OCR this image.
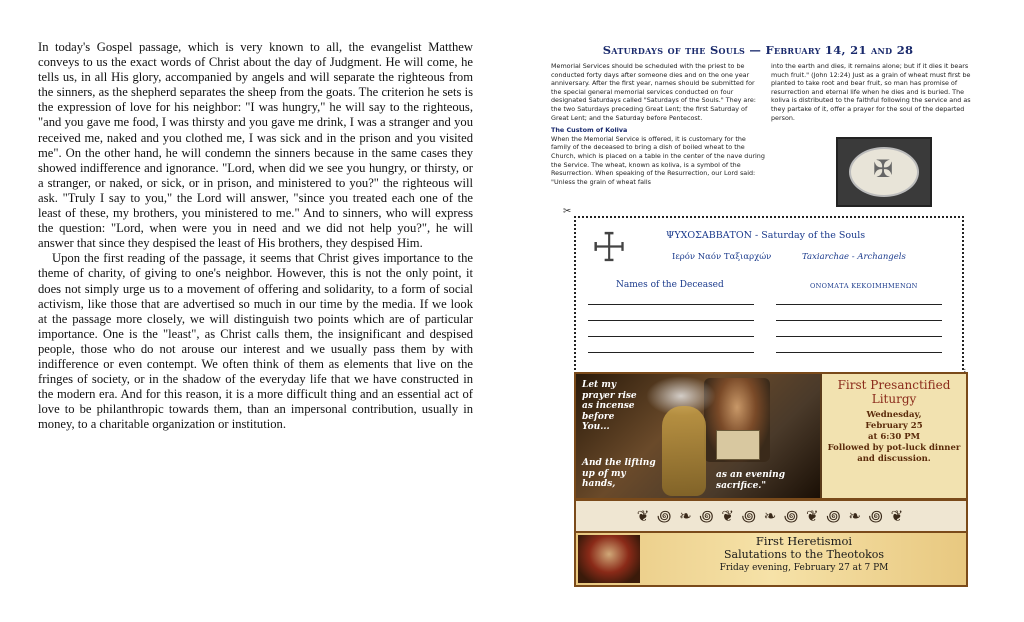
In today's Gospel passage, which is very known to all, the evangelist Matthew conveys to us the exact words of Christ about the day of Judgment. He will come, he tells us, in all His glory, accompanied by angels and will separate the righteous from the sinners, as the shepherd separates the sheep from the goats. The criterion he sets is the expression of love for his neighbor: "I was hungry," he will say to the righteous, "and you gave me food, I was thirsty and you gave me drink, I was a stranger and you received me, naked and you clothed me, I was sick and in the prison and you visited me". On the other hand, he will condemn the sinners because in the same cases they showed indifference and ignorance. "Lord, when did we see you hungry, or thirsty, or a stranger, or naked, or sick, or in prison, and ministered to you?" the righteous will ask. "Truly I say to you," the Lord will answer, "since you treated each one of the least of these, my brothers, you ministered to me." And to sinners, who will express the question: "Lord, when were you in need and we did not help you?", he will answer that since they despised the least of His brothers, they despised Him.

Upon the first reading of the passage, it seems that Christ gives importance to the theme of charity, of giving to one's neighbor. However, this is not the only point, it does not simply urge us to a movement of offering and solidarity, to a form of social activism, like those that are advertised so much in our time by the media. If we look at the passage more closely, we will distinguish two points which are of particular importance. One is the "least", as Christ calls them, the insignificant and despised people, those who do not arouse our interest and we usually pass them by with indifference or even contempt. We often think of them as elements that live on the fringes of society, or in the shadow of the everyday life that we have constructed in the modern era. And for this reason, it is a more difficult thing and an essential act of love to be philanthropic towards them, than an impersonal contribution, usually in money, to a charitable organization or institution.

Saturdays of the Souls — February 14, 21 and 28
Memorial Services should be scheduled with the priest to be conducted forty days after someone dies and on the one year anniversary. After the first year, names should be submitted for the special general memorial services conducted on four designated Saturdays called "Saturdays of the Souls." They are: the two Saturdays preceding Great Lent; the first Saturday of Great Lent; and the Saturday before Pentecost.
The Custom of Koliva
When the Memorial Service is offered, it is customary for the family of the deceased to bring a dish of boiled wheat to the Church, which is placed on a table in the center of the nave during the Service. The wheat, known as koliva, is a symbol of the Resurrection. When speaking of the Resurrection, our Lord said: "Unless the grain of wheat falls
into the earth and dies, it remains alone; but if it dies it bears much fruit." (John 12:24) Just as a grain of wheat must first be planted to take root and bear fruit, so man has promise of resurrection and eternal life when he dies and is buried. The koliva is distributed to the faithful following the service and as they partake of it, offer a prayer for the soul of the departed person.
✠
✂
☩	ΨΥΧΟΣΑΒΒΑΤΟΝ - Saturday of the Souls
Ιερόν Ναόν Ταξιαρχών	Taxiarchae - Archangels
Names of the Deceased	ΟΝΟΜΑΤΑ ΚΕΚΟΙΜΗΜΕΝΩΝ
Let my prayer rise as incense before You...
And the lifting up of my hands,
as an evening sacrifice."
First Presanctified Liturgy
Wednesday,
February 25
at 6:30 PM
Followed by pot-luck dinner and discussion.
❦ ꩜ ❧ ꩜ ❦ ꩜ ❧ ꩜ ❦ ꩜ ❧ ꩜ ❦
First Heretismoi
Salutations to the Theotokos
Friday evening, February 27 at 7 PM
